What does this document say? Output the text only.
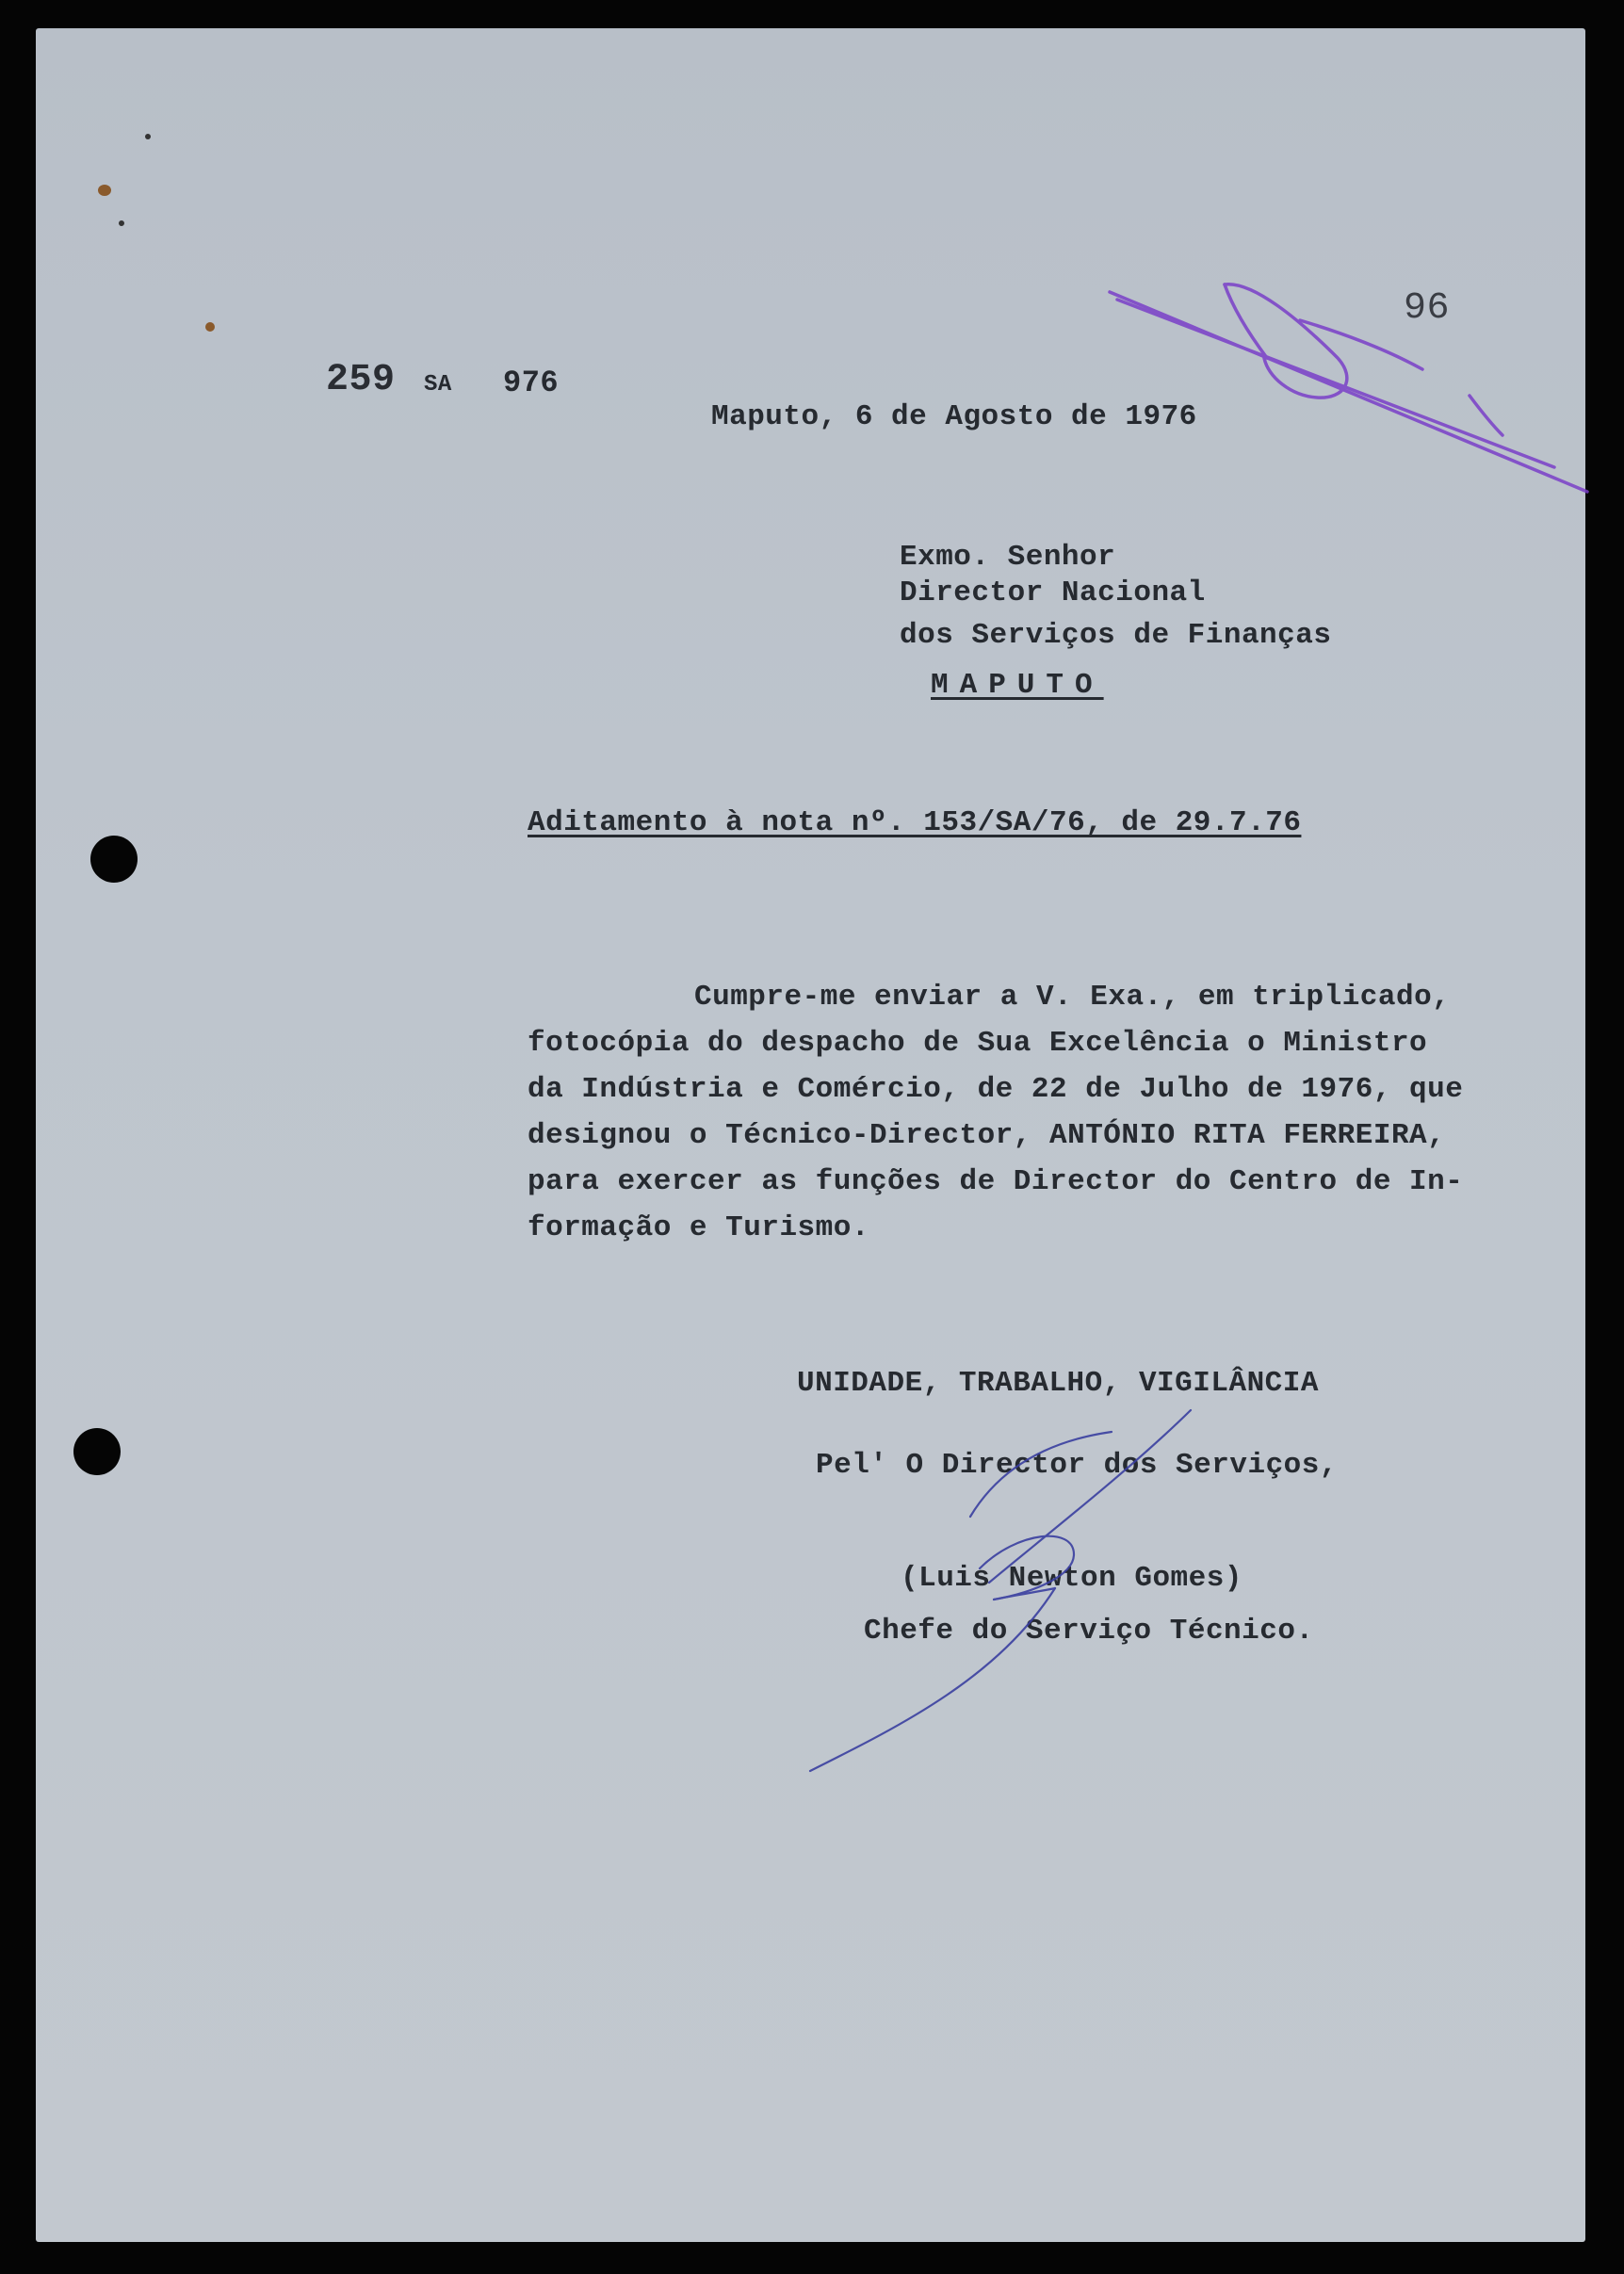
259 SA 976
96
Maputo, 6 de Agosto de 1976
Exmo. Senhor
Director Nacional
dos Serviços de Finanças
MAPUTO
Aditamento à nota nº. 153/SA/76, de 29.7.76
Cumpre-me enviar a V. Exa., em triplicado,
fotocópia do despacho de Sua Excelência o Ministro
da Indústria e Comércio, de 22 de Julho de 1976, que
designou o Técnico-Director, ANTÓNIO RITA FERREIRA,
para exercer as funções de Director do Centro de In-
formação e Turismo.
UNIDADE, TRABALHO, VIGILÂNCIA
Pel' O Director dos Serviços,
(Luis Newton Gomes)
Chefe do Serviço Técnico.
